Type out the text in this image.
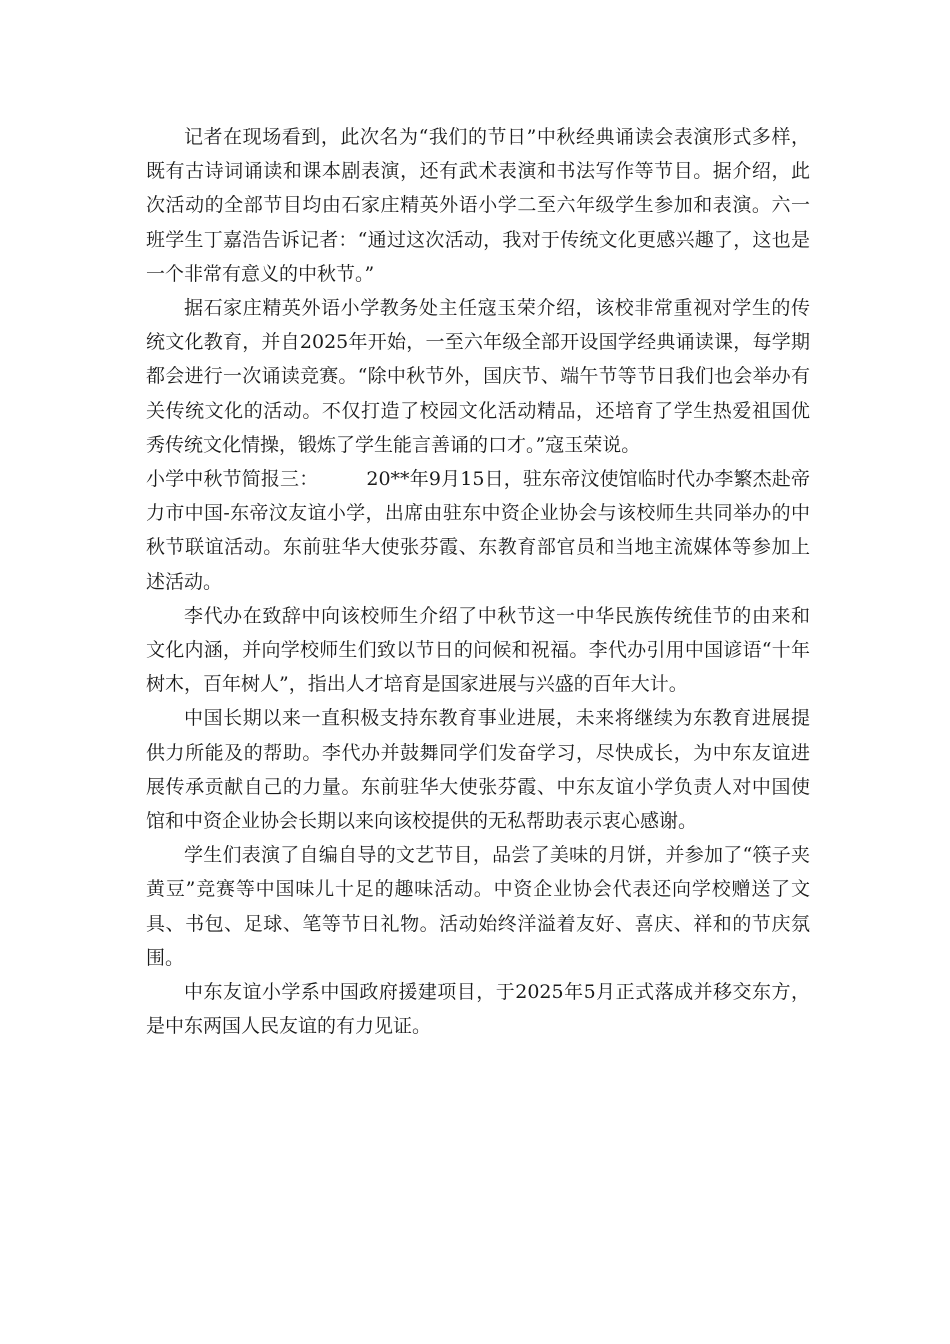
记者在现场看到，此次名为“我们的节日”中秋经典诵读会表演形式多样，既有古诗词诵读和课本剧表演，还有武术表演和书法写作等节目。据介绍，此次活动的全部节目均由石家庄精英外语小学二至六年级学生参加和表演。六一班学生丁嘉浩告诉记者：“通过这次活动，我对于传统文化更感兴趣了，这也是一个非常有意义的中秋节。”

据石家庄精英外语小学教务处主任寇玉荣介绍，该校非常重视对学生的传统文化教育，并自2025年开始，一至六年级全部开设国学经典诵读课，每学期都会进行一次诵读竞赛。“除中秋节外，国庆节、端午节等节日我们也会举办有关传统文化的活动。不仅打造了校园文化活动精品，还培育了学生热爱祖国优秀传统文化情操，锻炼了学生能言善诵的口才。”寇玉荣说。

小学中秋节简报三：	20**年9月15日，驻东帝汶使馆临时代办李繁杰赴帝力市中国-东帝汶友谊小学，出席由驻东中资企业协会与该校师生共同举办的中秋节联谊活动。东前驻华大使张芬霞、东教育部官员和当地主流媒体等参加上述活动。

李代办在致辞中向该校师生介绍了中秋节这一中华民族传统佳节的由来和文化内涵，并向学校师生们致以节日的问候和祝福。李代办引用中国谚语“十年树木，百年树人”，指出人才培育是国家进展与兴盛的百年大计。

中国长期以来一直积极支持东教育事业进展，未来将继续为东教育进展提供力所能及的帮助。李代办并鼓舞同学们发奋学习，尽快成长，为中东友谊进展传承贡献自己的力量。东前驻华大使张芬霞、中东友谊小学负责人对中国使馆和中资企业协会长期以来向该校提供的无私帮助表示衷心感谢。

学生们表演了自编自导的文艺节目，品尝了美味的月饼，并参加了“筷子夹黄豆”竞赛等中国味儿十足的趣味活动。中资企业协会代表还向学校赠送了文具、书包、足球、笔等节日礼物。活动始终洋溢着友好、喜庆、祥和的节庆氛围。

中东友谊小学系中国政府援建项目，于2025年5月正式落成并移交东方，是中东两国人民友谊的有力见证。
